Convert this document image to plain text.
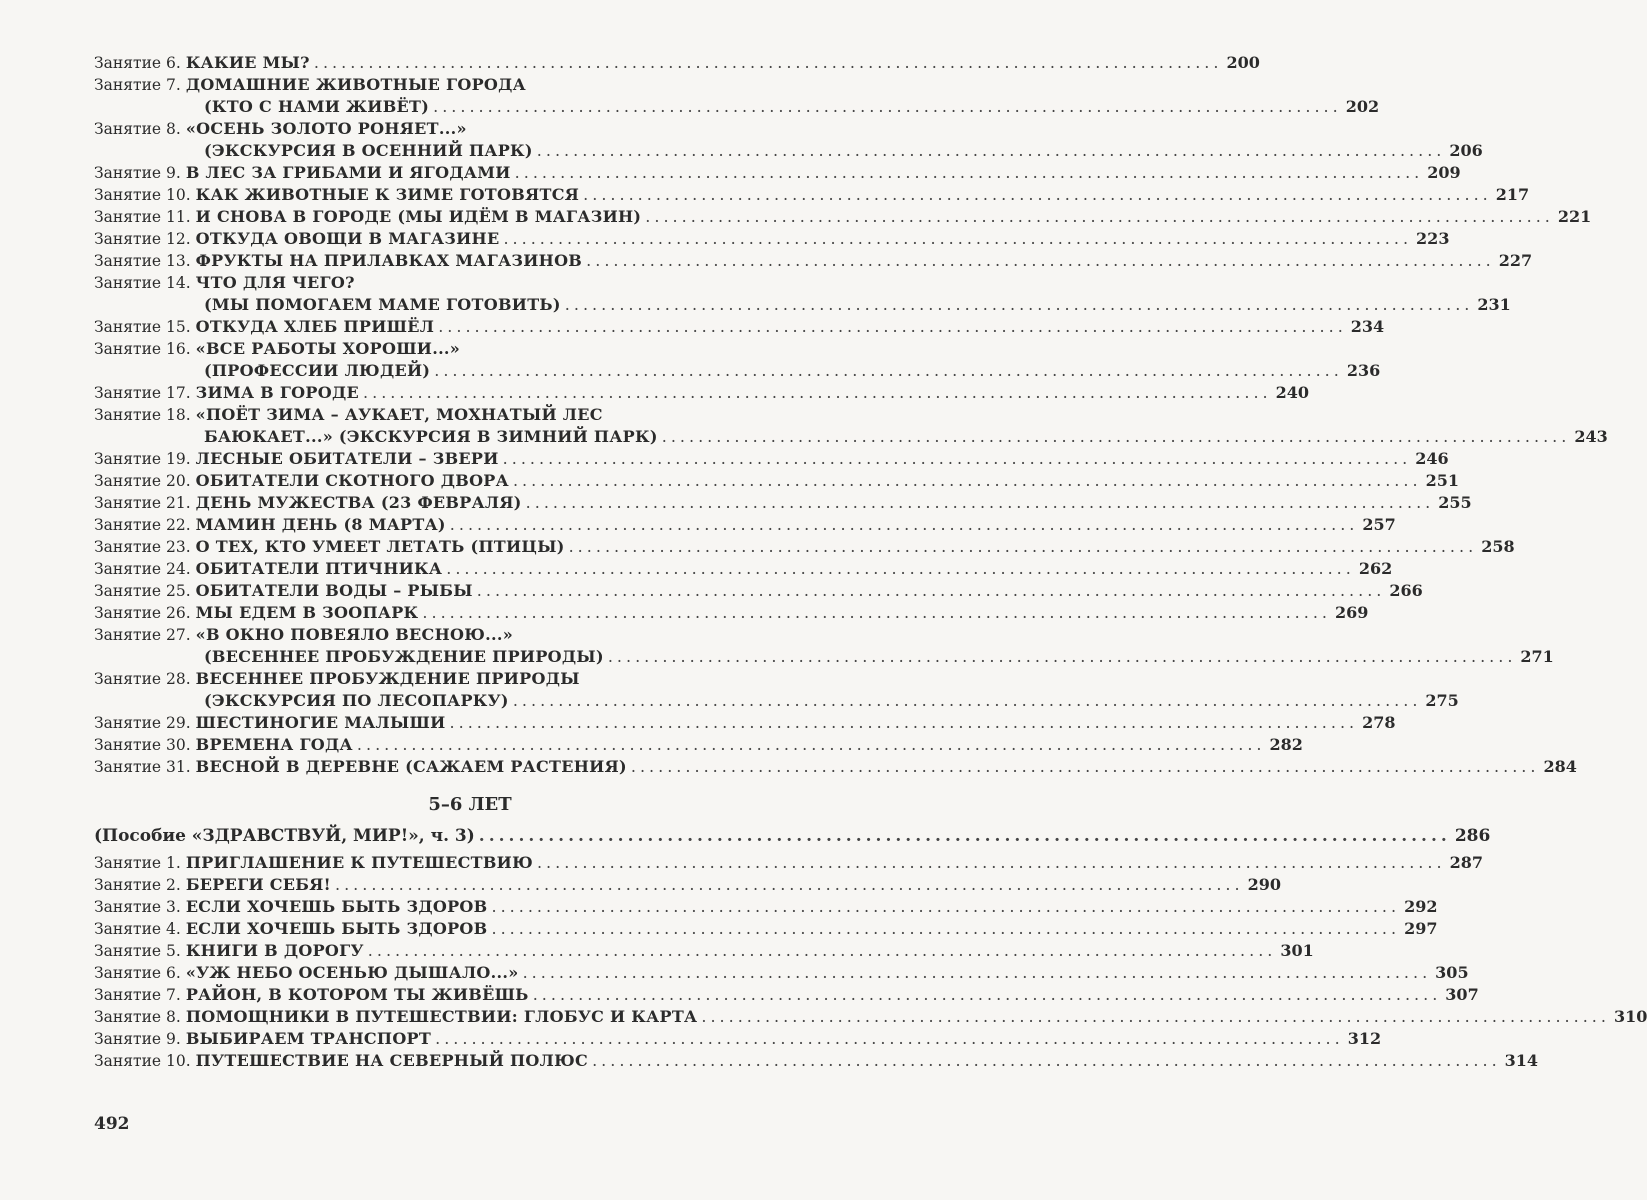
Занятие 6. КАКИЕ МЫ? .................................................................................................... 200
Занятие 7. ДОМАШНИЕ ЖИВОТНЫЕ ГОРОДА
(КТО С НАМИ ЖИВЁТ) .................................................................................................... 202
Занятие 8. «ОСЕНЬ ЗОЛОТО РОНЯЕТ...»
(ЭКСКУРСИЯ В ОСЕННИЙ ПАРК) .................................................................................................... 206
Занятие 9. В ЛЕС ЗА ГРИБАМИ И ЯГОДАМИ .................................................................................................... 209
Занятие 10. КАК ЖИВОТНЫЕ К ЗИМЕ ГОТОВЯТСЯ .................................................................................................... 217
Занятие 11. И СНОВА В ГОРОДЕ (МЫ ИДЁМ В МАГАЗИН) .................................................................................................... 221
Занятие 12. ОТКУДА ОВОЩИ В МАГАЗИНЕ .................................................................................................... 223
Занятие 13. ФРУКТЫ НА ПРИЛАВКАХ МАГАЗИНОВ .................................................................................................... 227
Занятие 14. ЧТО ДЛЯ ЧЕГО?
(МЫ ПОМОГАЕМ МАМЕ ГОТОВИТЬ) .................................................................................................... 231
Занятие 15. ОТКУДА ХЛЕБ ПРИШЁЛ .................................................................................................... 234
Занятие 16. «ВСЕ РАБОТЫ ХОРОШИ...»
(ПРОФЕССИИ ЛЮДЕЙ) .................................................................................................... 236
Занятие 17. ЗИМА В ГОРОДЕ .................................................................................................... 240
Занятие 18. «ПОЁТ ЗИМА – АУКАЕТ, МОХНАТЫЙ ЛЕС
БАЮКАЕТ...» (ЭКСКУРСИЯ В ЗИМНИЙ ПАРК) .................................................................................................... 243
Занятие 19. ЛЕСНЫЕ ОБИТАТЕЛИ – ЗВЕРИ .................................................................................................... 246
Занятие 20. ОБИТАТЕЛИ СКОТНОГО ДВОРА .................................................................................................... 251
Занятие 21. ДЕНЬ МУЖЕСТВА (23 ФЕВРАЛЯ) .................................................................................................... 255
Занятие 22. МАМИН ДЕНЬ (8 МАРТА) .................................................................................................... 257
Занятие 23. О ТЕХ, КТО УМЕЕТ ЛЕТАТЬ (ПТИЦЫ) .................................................................................................... 258
Занятие 24. ОБИТАТЕЛИ ПТИЧНИКА .................................................................................................... 262
Занятие 25. ОБИТАТЕЛИ ВОДЫ – РЫБЫ .................................................................................................... 266
Занятие 26. МЫ ЕДЕМ В ЗООПАРК .................................................................................................... 269
Занятие 27. «В ОКНО ПОВЕЯЛО ВЕСНОЮ...»
(ВЕСЕННЕЕ ПРОБУЖДЕНИЕ ПРИРОДЫ) .................................................................................................... 271
Занятие 28. ВЕСЕННЕЕ ПРОБУЖДЕНИЕ ПРИРОДЫ
(ЭКСКУРСИЯ ПО ЛЕСОПАРКУ) .................................................................................................... 275
Занятие 29. ШЕСТИНОГИЕ МАЛЫШИ .................................................................................................... 278
Занятие 30. ВРЕМЕНА ГОДА .................................................................................................... 282
Занятие 31. ВЕСНОЙ В ДЕРЕВНЕ (САЖАЕМ РАСТЕНИЯ) .................................................................................................... 284
5–6 ЛЕТ
(Пособие «ЗДРАВСТВУЙ, МИР!», ч. 3) .................................................................................................. 286
Занятие 1. ПРИГЛАШЕНИЕ К ПУТЕШЕСТВИЮ .................................................................................................... 287
Занятие 2. БЕРЕГИ СЕБЯ! .................................................................................................... 290
Занятие 3. ЕСЛИ ХОЧЕШЬ БЫТЬ ЗДОРОВ .................................................................................................... 292
Занятие 4. ЕСЛИ ХОЧЕШЬ БЫТЬ ЗДОРОВ .................................................................................................... 297
Занятие 5. КНИГИ В ДОРОГУ .................................................................................................... 301
Занятие 6. «УЖ НЕБО ОСЕНЬЮ ДЫШАЛО...» .................................................................................................... 305
Занятие 7. РАЙОН, В КОТОРОМ ТЫ ЖИВЁШЬ .................................................................................................... 307
Занятие 8. ПОМОЩНИКИ В ПУТЕШЕСТВИИ: ГЛОБУС И КАРТА .................................................................................................... 310
Занятие 9. ВЫБИРАЕМ ТРАНСПОРТ .................................................................................................... 312
Занятие 10. ПУТЕШЕСТВИЕ НА СЕВЕРНЫЙ ПОЛЮС .................................................................................................... 314
492
